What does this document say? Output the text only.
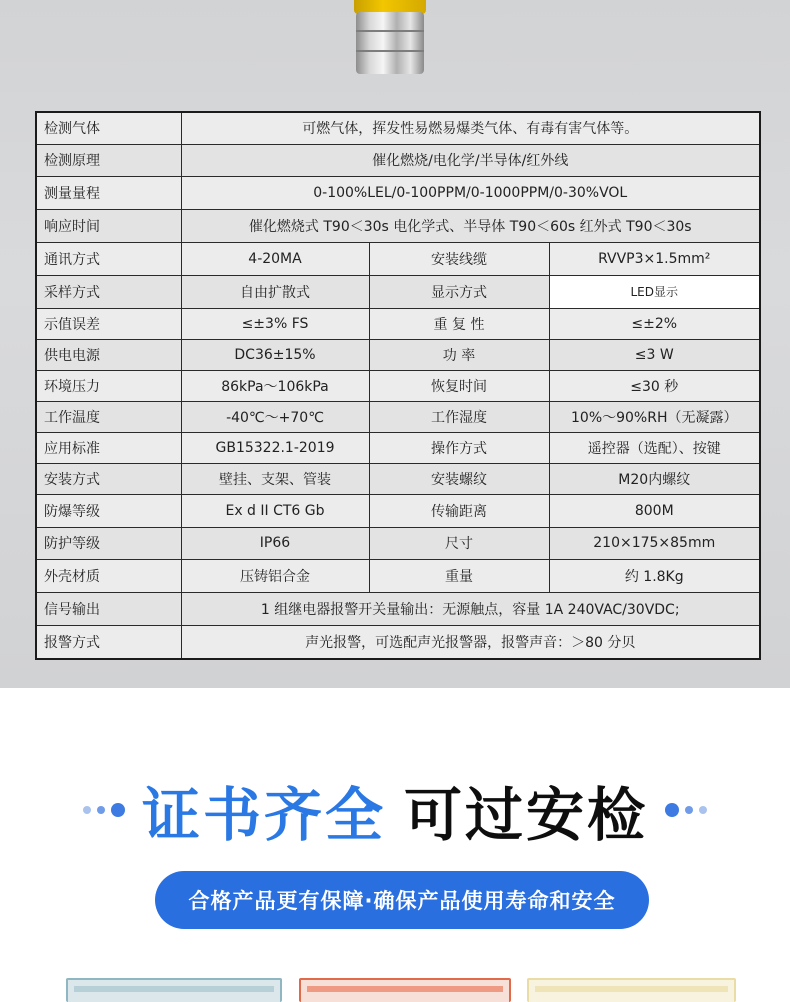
检测气体	可燃气体，挥发性易燃易爆类气体、有毒有害气体等。		
检测原理	催化燃烧/电化学/半导体/红外线		
测量量程	0-100%LEL/0-100PPM/0-1000PPM/0-30%VOL		
响应时间	催化燃烧式 T90＜30s 电化学式、半导体 T90＜60s 红外式 T90＜30s		
通讯方式	4-20MA	安装线缆	RVVP3×1.5mm²
采样方式	自由扩散式	显示方式	LED显示
示值误差	≤±3% FS	重 复 性	≤±2%
供电电源	DC36±15%	功 率	≤3 W
环境压力	86kPa～106kPa	恢复时间	≤30 秒
工作温度	-40℃～+70℃	工作湿度	10%～90%RH（无凝露）
应用标准	GB15322.1-2019	操作方式	遥控器（选配）、按键
安装方式	壁挂、支架、管装	安装螺纹	M20内螺纹
防爆等级	Ex d II CT6 Gb	传输距离	800M
防护等级	IP66	尺寸	210×175×85mm
外壳材质	压铸铝合金	重量	约 1.8Kg
信号输出	1 组继电器报警开关量输出：无源触点，容量 1A 240VAC/30VDC;		
报警方式	声光报警，可选配声光报警器，报警声音：＞80 分贝		
证书齐全 可过安检
合格产品更有保障·确保产品使用寿命和安全
